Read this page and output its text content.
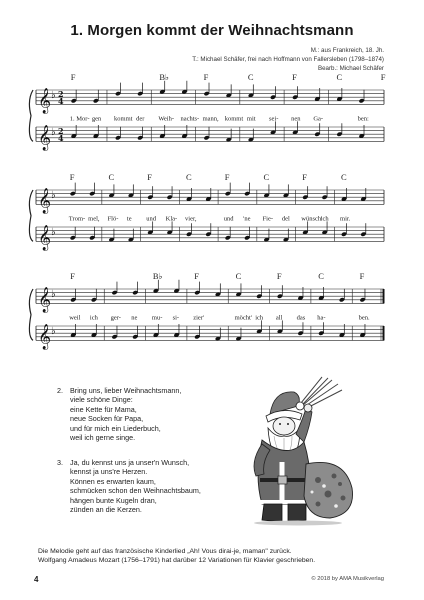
1. Morgen kommt der Weihnachtsmann
M.: aus Frankreich, 18. Jh.
T.: Michael Schäfer, frei nach Hoffmann von Fallersleben (1798–1874)
Bearb.: Michael Schäfer
𝄞 ♭ 2
4
𝄞 ♭ 2
4
F	B♭	F	C	F	C	F
1. Mor- gen kommt der Weih- nachts- mann, kommt mit sei- nen Ga-	ben:
𝄞 ♭
𝄞 ♭
F	C	F	C	F	C	F	C
Trom- mel, Flö- te und Kla- vier,	und 'ne Fie- del wünsch'
ich mir.
𝄞 ♭
𝄞 ♭
F	B♭	F	C	F	C	F
weil ich ger- ne mu- si- zier'	möcht' ich all das ha-	ben.
2. Bring uns, lieber Weihnachtsmann,
viele schöne Dinge:
eine Kette für Mama,
neue Socken für Papa,
und für mich ein Liederbuch,
weil ich gerne singe.
3. Ja, du kennst uns ja unser'n Wunsch,
kennst ja uns're Herzen.
Können es erwarten kaum,
schmücken schon den Weihnachtsbaum,
hängen bunte Kugeln dran,
zünden an die Kerzen.
Die Melodie geht auf das französische Kinderlied „Ah! Vous dirai-je, maman" zurück.
Wolfgang Amadeus Mozart (1756–1791) hat darüber 12 Variationen für Klavier geschrieben.
4	© 2018 by AMA Musikverlag
